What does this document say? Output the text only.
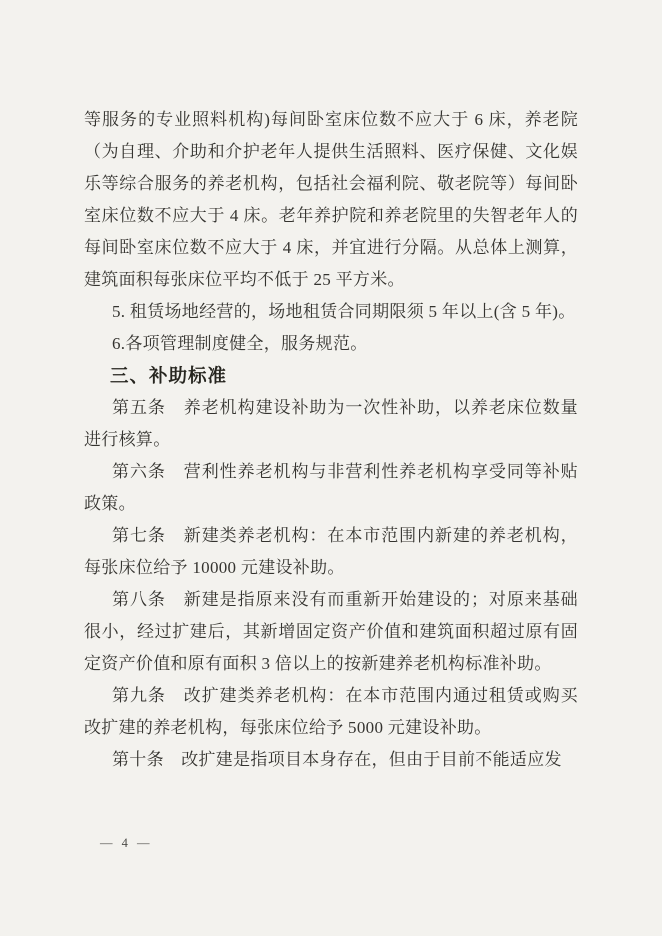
等服务的专业照料机构)每间卧室床位数不应大于 6 床，养老院（为自理、介助和介护老年人提供生活照料、医疗保健、文化娱乐等综合服务的养老机构，包括社会福利院、敬老院等）每间卧室床位数不应大于 4 床。老年养护院和养老院里的失智老年人的每间卧室床位数不应大于 4 床，并宜进行分隔。从总体上测算，建筑面积每张床位平均不低于 25 平方米。

5. 租赁场地经营的，场地租赁合同期限须 5 年以上(含 5 年)。

6.各项管理制度健全，服务规范。

三、补助标准

第五条　养老机构建设补助为一次性补助，以养老床位数量进行核算。

第六条　营利性养老机构与非营利性养老机构享受同等补贴政策。

第七条　新建类养老机构：在本市范围内新建的养老机构，每张床位给予 10000 元建设补助。

第八条　新建是指原来没有而重新开始建设的；对原来基础很小，经过扩建后，其新增固定资产价值和建筑面积超过原有固定资产价值和原有面积 3 倍以上的按新建养老机构标准补助。

第九条　改扩建类养老机构：在本市范围内通过租赁或购买改扩建的养老机构，每张床位给予 5000 元建设补助。

第十条　改扩建是指项目本身存在，但由于目前不能适应发

— 4 —
